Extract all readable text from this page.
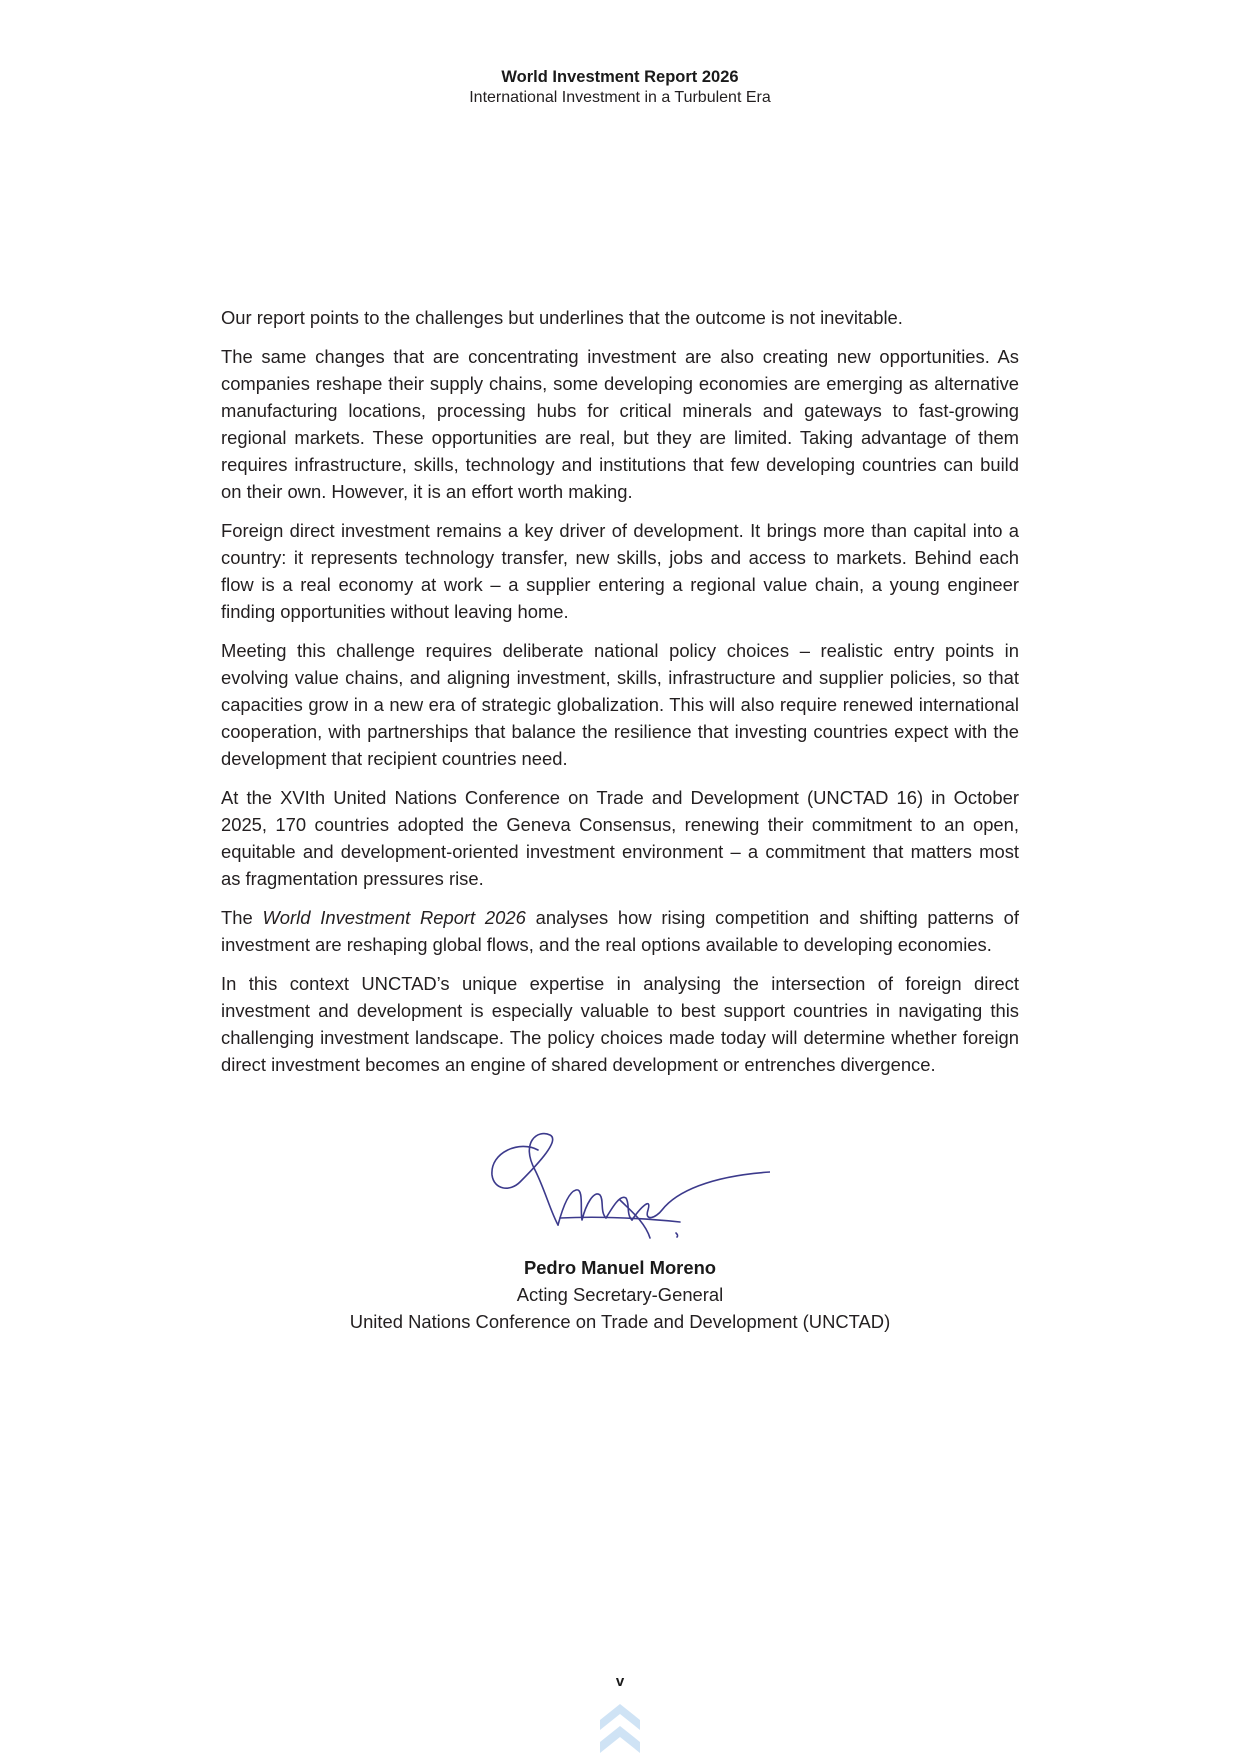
World Investment Report 2026

International Investment in a Turbulent Era

Our report points to the challenges but underlines that the outcome is not inevitable.

The same changes that are concentrating investment are also creating new opportunities. As companies reshape their supply chains, some developing economies are emerging as alternative manufacturing locations, processing hubs for critical minerals and gateways to fast-growing regional markets. These opportunities are real, but they are limited. Taking advantage of them requires infrastructure, skills, technology and institutions that few developing countries can build on their own. However, it is an effort worth making.

Foreign direct investment remains a key driver of development. It brings more than capital into a country: it represents technology transfer, new skills, jobs and access to markets. Behind each flow is a real economy at work – a supplier entering a regional value chain, a young engineer finding opportunities without leaving home.

Meeting this challenge requires deliberate national policy choices – realistic entry points in evolving value chains, and aligning investment, skills, infrastructure and supplier policies, so that capacities grow in a new era of strategic globalization. This will also require renewed international cooperation, with partnerships that balance the resilience that investing countries expect with the development that recipient countries need.

At the XVIth United Nations Conference on Trade and Development (UNCTAD 16) in October 2025, 170 countries adopted the Geneva Consensus, renewing their commitment to an open, equitable and development-oriented investment environment – a commitment that matters most as fragmentation pressures rise.

The World Investment Report 2026 analyses how rising competition and shifting patterns of investment are reshaping global flows, and the real options available to developing economies.

In this context UNCTAD’s unique expertise in analysing the intersection of foreign direct investment and development is especially valuable to best support countries in navigating this challenging investment landscape. The policy choices made today will determine whether foreign direct investment becomes an engine of shared development or entrenches divergence.

Pedro Manuel Moreno

Acting Secretary-General

United Nations Conference on Trade and Development (UNCTAD)

v
